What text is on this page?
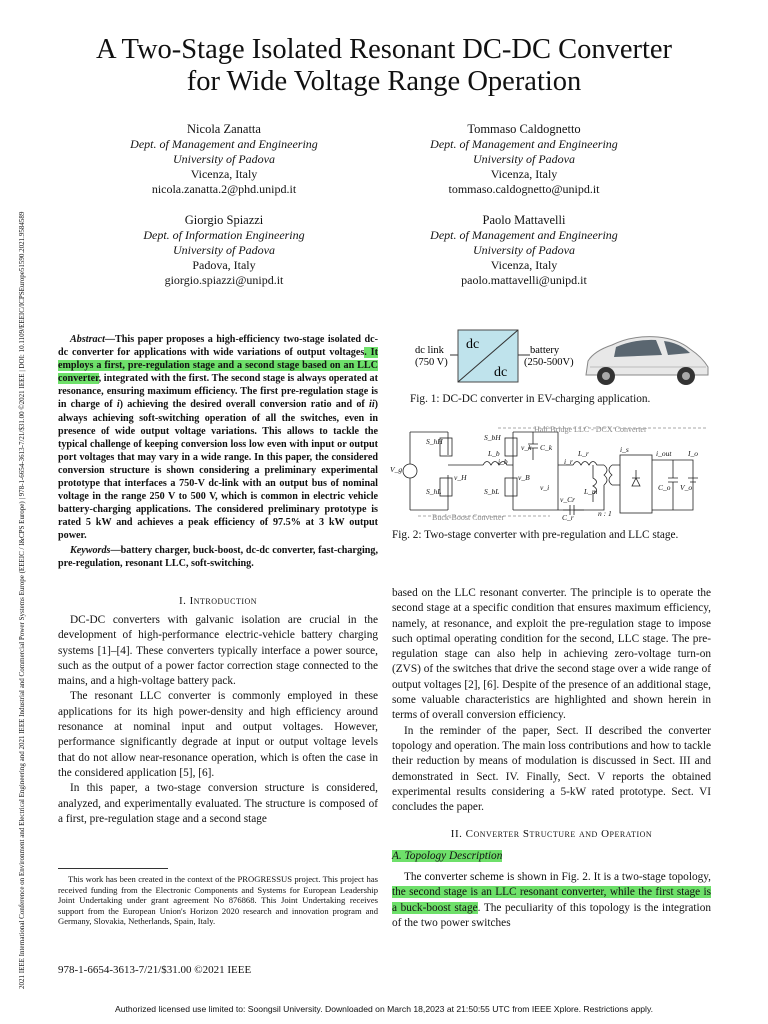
2021 IEEE International Conference on Environment and Electrical Engineering and 2021 IEEE Industrial and Commercial Power Systems Europe (EEEIC / I&CPS Europe) | 978-1-6654-3613-7/21/$31.00 ©2021 IEEE | DOI: 10.1109/EEEIC/ICPSEurope51590.2021.9584589
A Two-Stage Isolated Resonant DC-DC Converter
for Wide Voltage Range Operation
Nicola Zanatta
Dept. of Management and Engineering
University of Padova
Vicenza, Italy
nicola.zanatta.2@phd.unipd.it
Tommaso Caldognetto
Dept. of Management and Engineering
University of Padova
Vicenza, Italy
tommaso.caldognetto@unipd.it
Giorgio Spiazzi
Dept. of Information Engineering
University of Padova
Padova, Italy
giorgio.spiazzi@unipd.it
Paolo Mattavelli
Dept. of Management and Engineering
University of Padova
Vicenza, Italy
paolo.mattavelli@unipd.it
Abstract—This paper proposes a high-efficiency two-stage isolated dc-dc converter for applications with wide variations of output voltages. It employs a first, pre-regulation stage and a second stage based on an LLC converter, integrated with the first. The second stage is always operated at resonance, ensuring maximum efficiency. The first pre-regulation stage is in charge of i) achieving the desired overall conversion ratio and of ii) always achieving soft-switching operation of all the switches, even in presence of wide output voltage variations. This allows to tackle the typical challenge of keeping conversion loss low even with input or output port voltages that may vary in a wide range. In this paper, the considered conversion structure is shown considering a preliminary experimental prototype that interfaces a 750-V dc-link with an output bus of nominal voltage in the range 250 V to 500 V, which is common in electric vehicle battery-charging applications. The considered preliminary prototype is rated 5 kW and achieves a peak efficiency of 97.5% at 3 kW output power.
Keywords—battery charger, buck-boost, dc-dc converter, fast-charging, pre-regulation, resonant LLC, soft-switching.
I. Introduction

DC-DC converters with galvanic isolation are crucial in the development of high-performance electric-vehicle battery charging systems [1]–[4]. These converters typically interface a power source, such as the output of a power factor correction stage connected to the mains, and a high-voltage battery pack.

The resonant LLC converter is commonly employed in these applications for its high power-density and high efficiency around resonance at nominal input and output voltages. However, performance significantly degrade at input or output voltage levels that do not allow near-resonance operation, which is often the case in the considered application [5], [6].

In this paper, a two-stage conversion structure is considered, analyzed, and experimentally evaluated. The structure is composed of a first, pre-regulation stage and a second stage

This work has been created in the context of the PROGRESSUS project. This project has received funding from the Electronic Components and Systems for European Leadership Joint Undertaking under grant agreement No 876868. This Joint Undertaking receives support from the European Union's Horizon 2020 research and innovation program and Germany, Slovakia, Netherlands, Spain, Italy.
978-1-6654-3613-7/21/$31.00 ©2021 IEEE
dc
dc
dc link
(750 V)
battery
(250-500V)
Fig. 1: DC-DC converter in EV-charging application.
Half Bridge LLC - DCX Converter
Buck-Boost Converter
S_hH
S_hL
S_bH
S_bL
L_b
i_b
v_k C_k
L_r
i_r
i_s	i_out I_o
L_m
v_Cr
C_r
V_g
v_i	V_o
C_o
n : 1
v_H	v_B
Fig. 2: Two-stage converter with pre-regulation and LLC stage.

based on the LLC resonant converter. The principle is to operate the second stage at a specific condition that ensures maximum efficiency, namely, at resonance, and exploit the pre-regulation stage to impose such optimal operating condition for the second, LLC stage. The pre-regulation stage can also help in achieving zero-voltage turn-on (ZVS) of the switches that drive the second stage over a wide range of output voltages [2], [6]. Despite of the presence of an additional stage, some valuable characteristics are highlighted and shown herein in terms of overall conversion efficiency.

In the reminder of the paper, Sect. II described the converter topology and operation. The main loss contributions and how to tackle their reduction by means of modulation is discussed in Sect. III and demonstrated in Sect. IV. Finally, Sect. V reports the obtained experimental results considering a 5-kW rated prototype. Sect. VI concludes the paper.

II. Converter Structure and Operation
A. Topology Description

The converter scheme is shown in Fig. 2. It is a two-stage topology, the second stage is an LLC resonant converter, while the first stage is a buck-boost stage. The peculiarity of this topology is the integration of the two power switches

Authorized licensed use limited to: Soongsil University. Downloaded on March 18,2023 at 21:50:55 UTC from IEEE Xplore. Restrictions apply.
